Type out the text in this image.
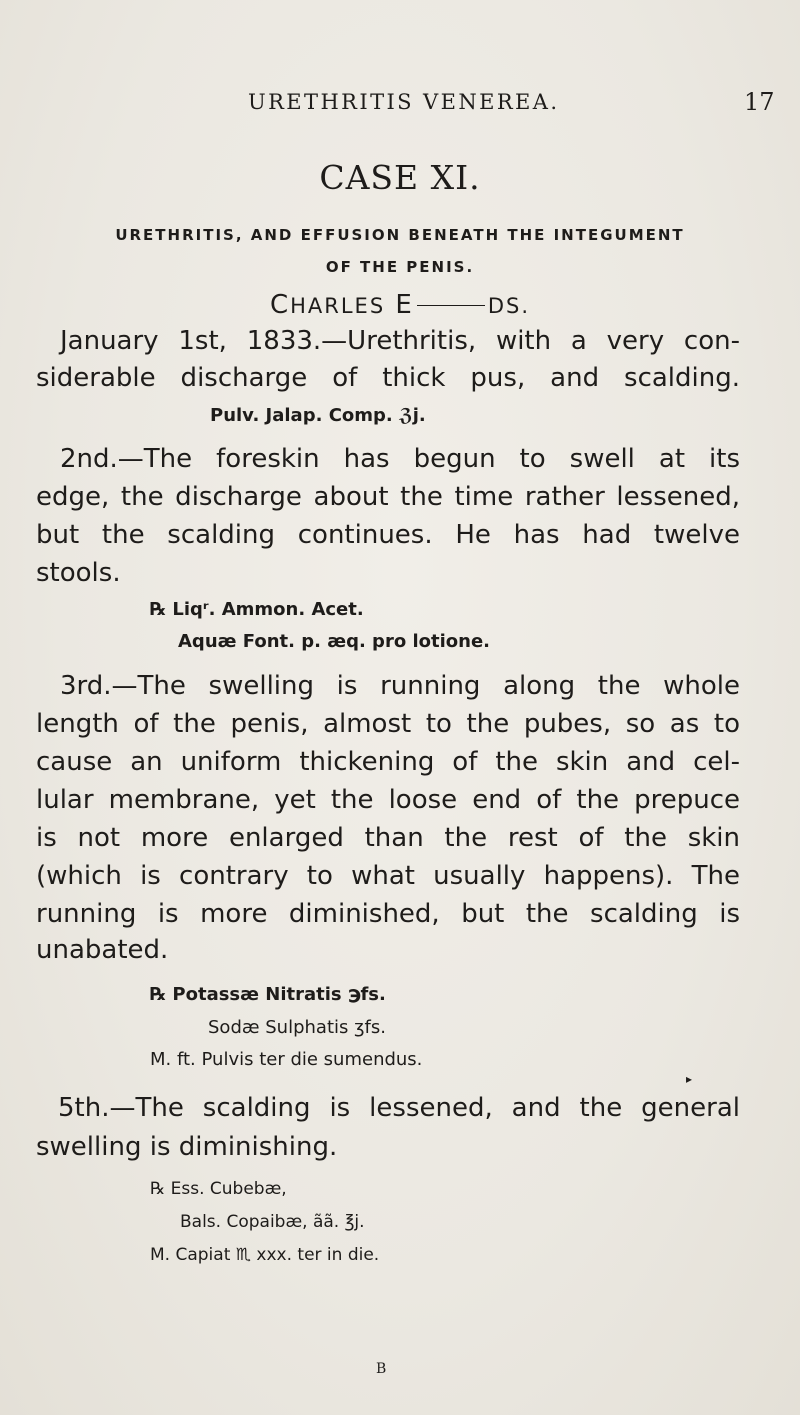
URETHRITIS VENEREA.	17
CASE XI.
URETHRITIS, AND EFFUSION BENEATH THE INTEGUMENT
OF THE PENIS.
CHARLES E	DS.
January 1st, 1833.—Urethritis, with a very con-
siderable discharge of thick pus, and scalding.
Pulv. Jalap. Comp. ℨj.
2nd.—The foreskin has begun to swell at its
edge, the discharge about the time rather lessened,
but the scalding continues. He has had twelve
stools.
℞ Liqʳ. Ammon. Acet.
Aquæ Font. p. æq. pro lotione.
3rd.—The swelling is running along the whole
length of the penis, almost to the pubes, so as to
cause an uniform thickening of the skin and cel-
lular membrane, yet the loose end of the prepuce
is not more enlarged than the rest of the skin
(which is contrary to what usually happens). The
running is more diminished, but the scalding is
unabated.
℞ Potassæ Nitratis ℈fs.
Sodæ Sulphatis ʒfs.
M. ft. Pulvis ter die sumendus.
▸
5th.—The scalding is lessened, and the general
swelling is diminishing.
℞ Ess. Cubebæ,
Bals. Copaibæ, ãã. ℥j.
M. Capiat ♏ xxx. ter in die.
B
